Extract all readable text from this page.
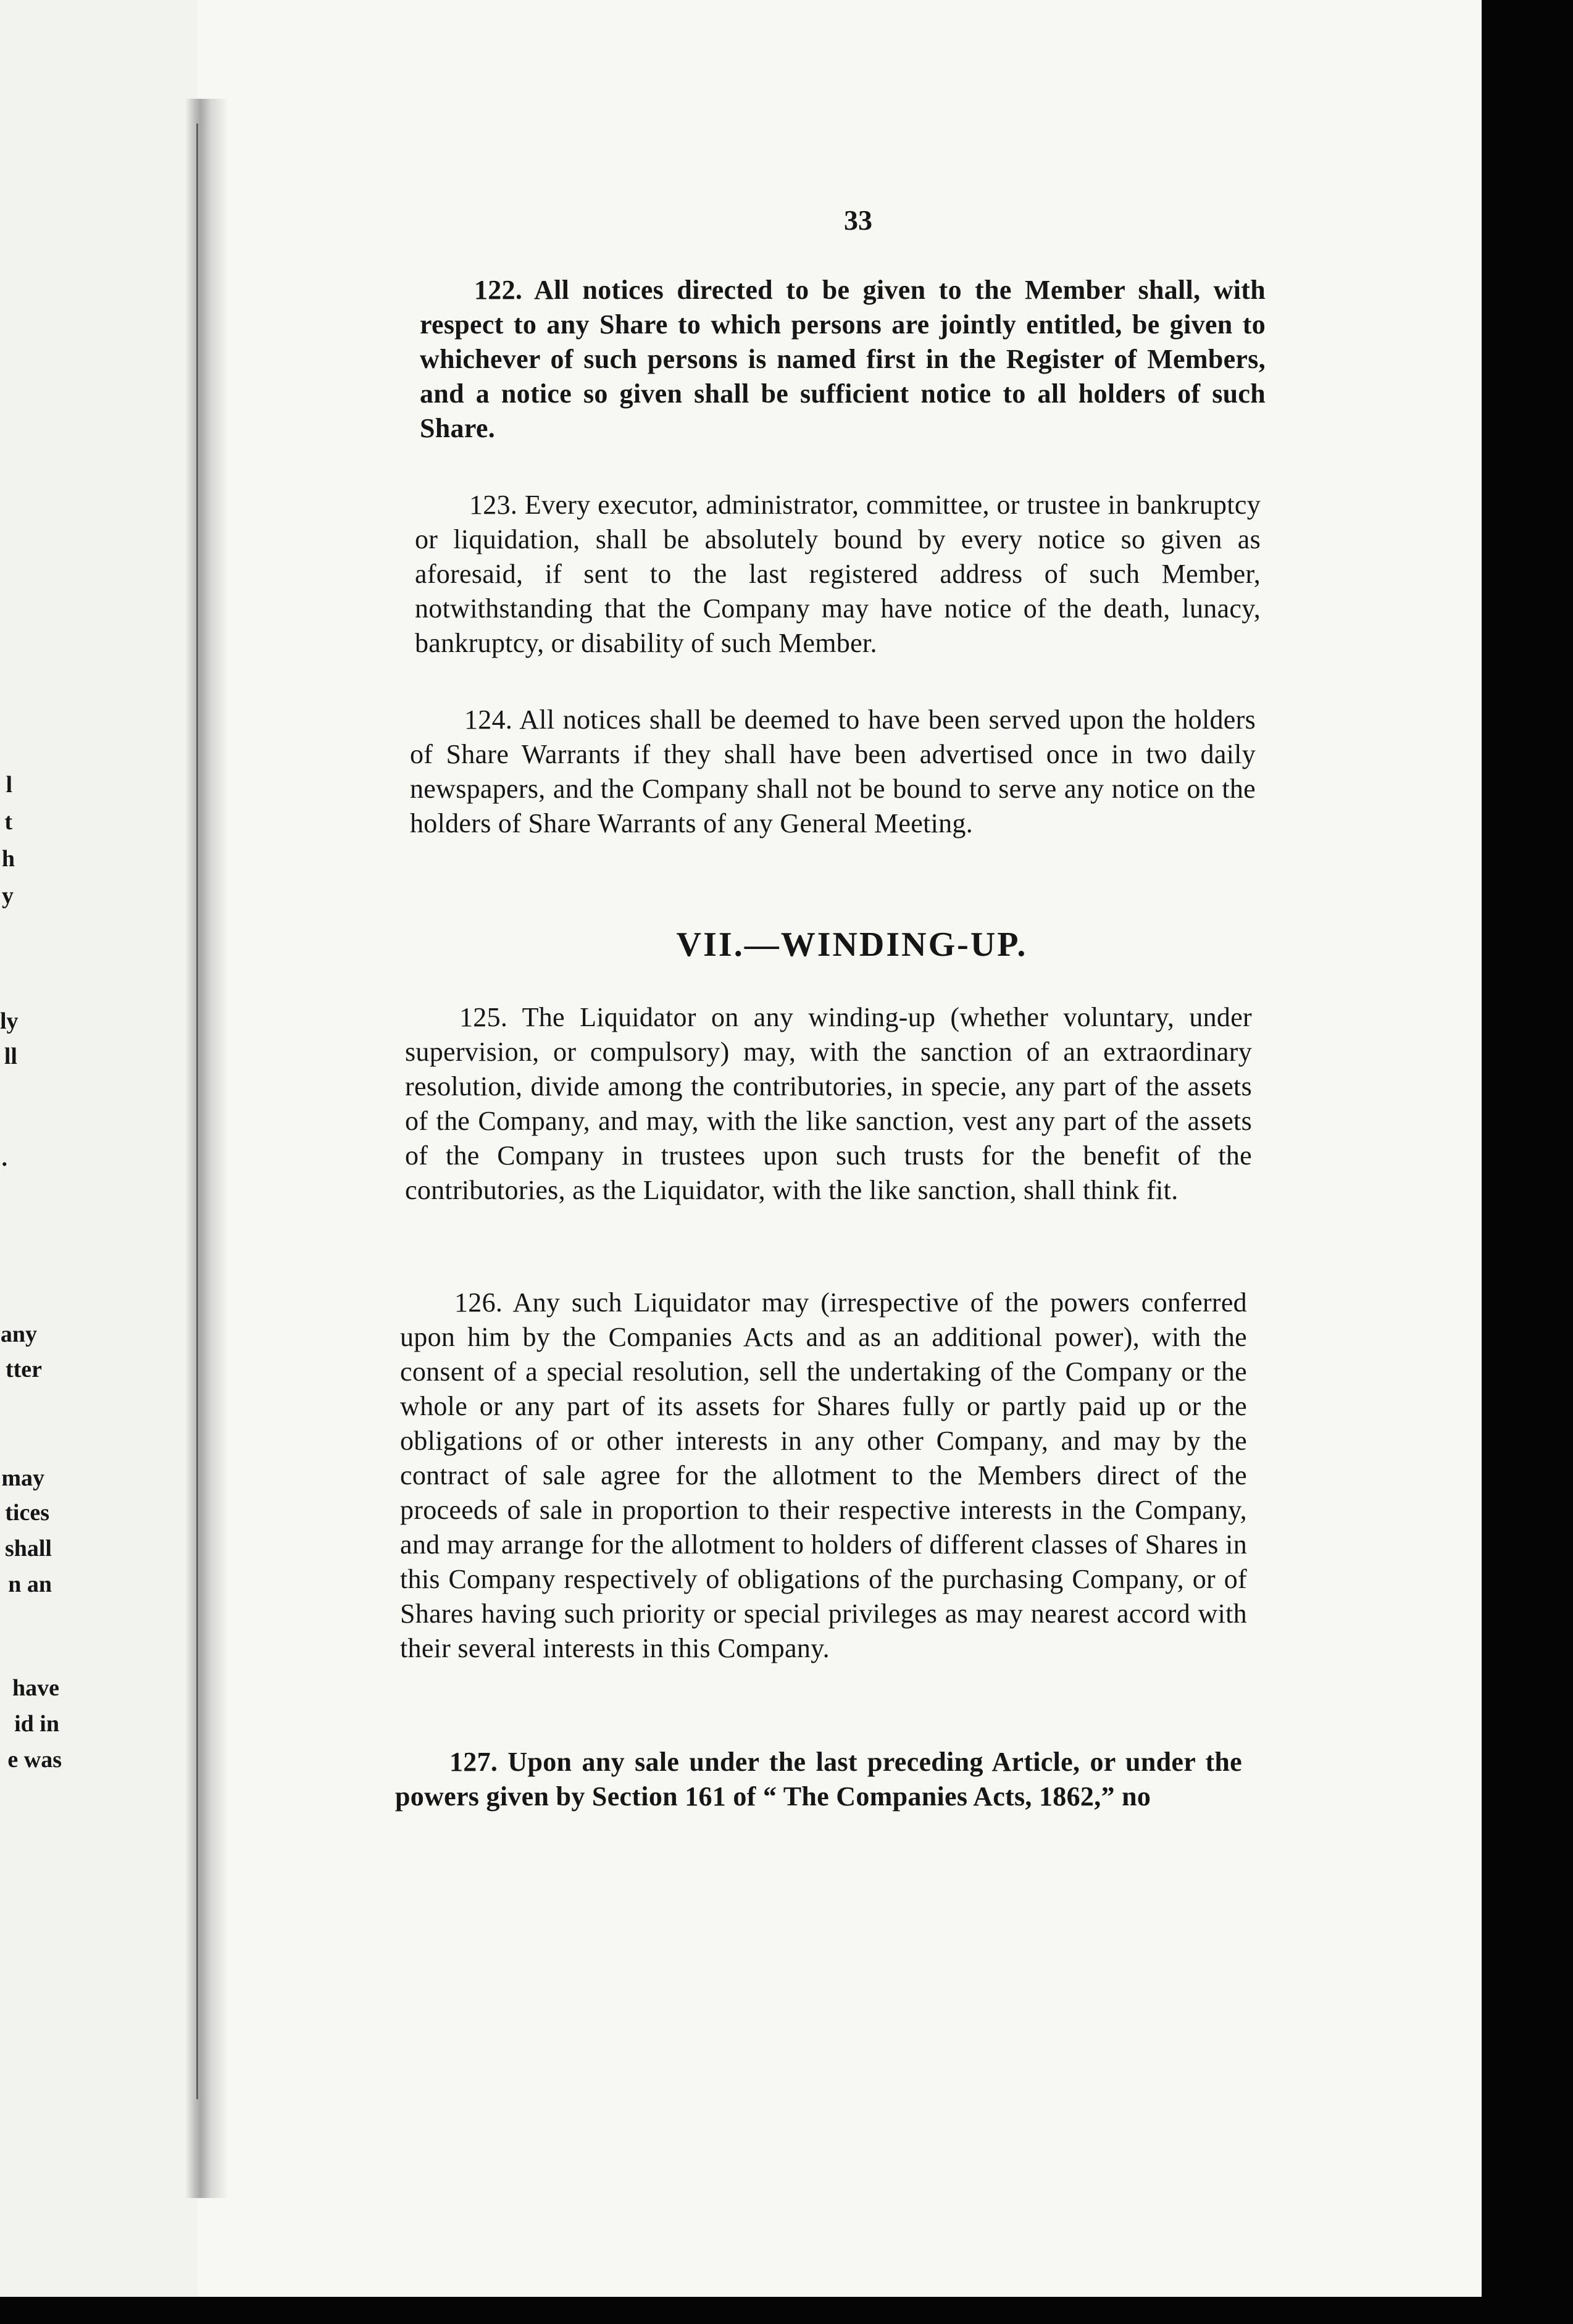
l
t
h
y
ly
ll
.
any
tter
may
tices
shall
n an
have
id in
e was
33

122. All notices directed to be given to the Member shall, with respect to any Share to which persons are jointly entitled, be given to whichever of such persons is named first in the Register of Members, and a notice so given shall be sufficient notice to all holders of such Share.

123. Every executor, administrator, committee, or trustee in bankruptcy or liquidation, shall be absolutely bound by every notice so given as aforesaid, if sent to the last registered address of such Member, notwithstanding that the Company may have notice of the death, lunacy, bankruptcy, or disability of such Member.

124. All notices shall be deemed to have been served upon the holders of Share Warrants if they shall have been advertised once in two daily newspapers, and the Company shall not be bound to serve any notice on the holders of Share Warrants of any General Meeting.

VII.—WINDING-UP.

125. The Liquidator on any winding-up (whether voluntary, under supervision, or compulsory) may, with the sanction of an extraordinary resolution, divide among the contributories, in specie, any part of the assets of the Company, and may, with the like sanction, vest any part of the assets of the Company in trustees upon such trusts for the benefit of the contributories, as the Liquidator, with the like sanction, shall think fit.

126. Any such Liquidator may (irrespective of the powers conferred upon him by the Companies Acts and as an additional power), with the consent of a special resolution, sell the undertaking of the Company or the whole or any part of its assets for Shares fully or partly paid up or the obligations of or other interests in any other Company, and may by the contract of sale agree for the allotment to the Members direct of the proceeds of sale in proportion to their respective interests in the Company, and may arrange for the allotment to holders of different classes of Shares in this Company respectively of obligations of the purchasing Company, or of Shares having such priority or special privileges as may nearest accord with their several interests in this Company.

127. Upon any sale under the last preceding Article, or under the powers given by Section 161 of “ The Companies Acts, 1862,” no
